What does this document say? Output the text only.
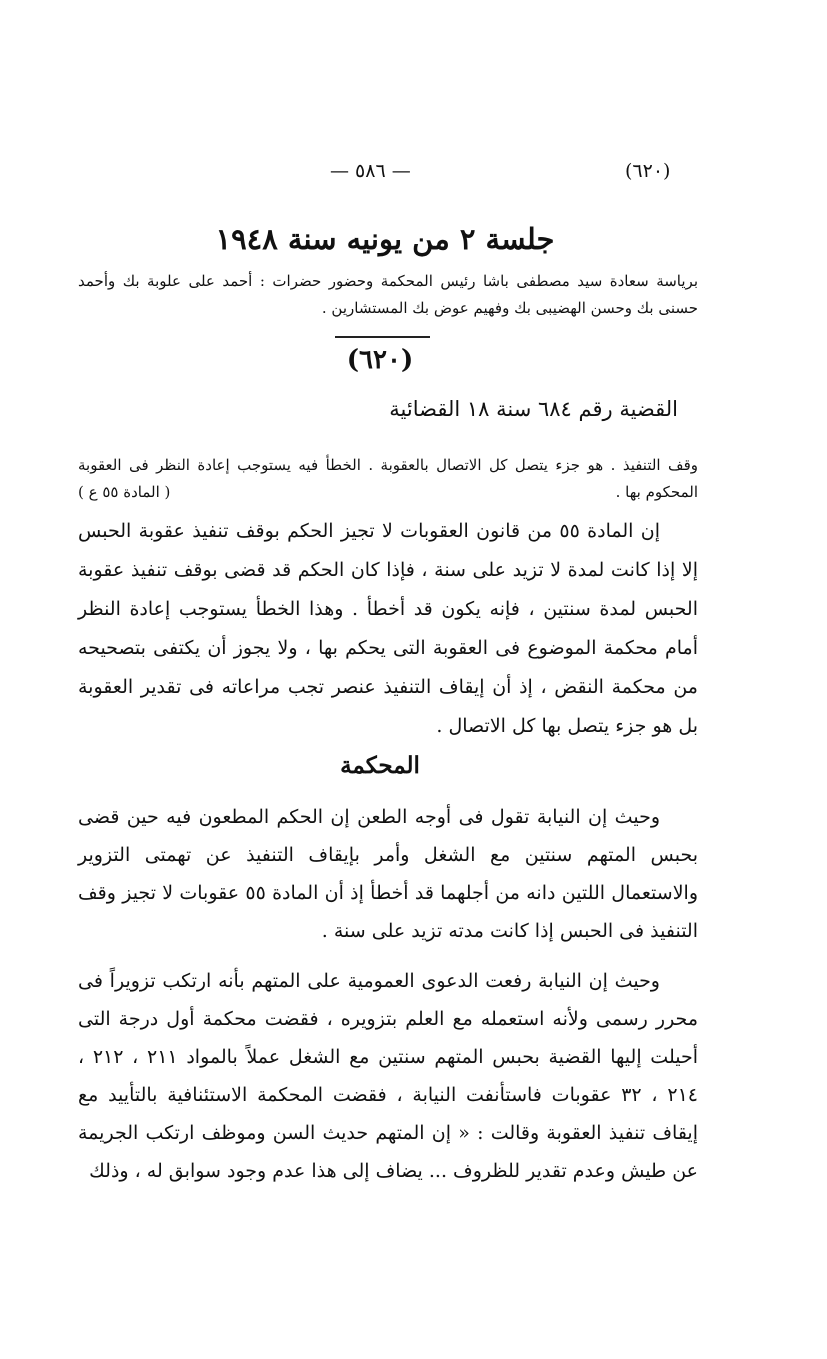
(٦٢٠)
— ٥٨٦ —
جلسة ٢ من يونيه سنة ١٩٤٨
برياسة سعادة سيد مصطفى باشا رئيس المحكمة وحضور حضرات : أحمد على علوبة بك وأحمد حسنى بك وحسن الهضيبى بك وفهيم عوض بك المستشارين .
(٦٢٠)
القضية رقم ٦٨٤ سنة ١٨ القضائية
وقف التنفيذ . هو جزء يتصل كل الاتصال بالعقوبة . الخطأ فيه يستوجب إعادة النظر فى العقوبة المحكوم بها .
( المادة ٥٥ ع )

إن المادة ٥٥ من قانون العقوبات لا تجيز الحكم بوقف تنفيذ عقوبة الحبس إلا إذا كانت لمدة لا تزيد على سنة ، فإذا كان الحكم قد قضى بوقف تنفيذ عقوبة الحبس لمدة سنتين ، فإنه يكون قد أخطأ . وهذا الخطأ يستوجب إعادة النظر أمام محكمة الموضوع فى العقوبة التى يحكم بها ، ولا يجوز أن يكتفى بتصحيحه من محكمة النقض ، إذ أن إيقاف التنفيذ عنصر تجب مراعاته فى تقدير العقوبة بل هو جزء يتصل بها كل الاتصال .

المحكمة

وحيث إن النيابة تقول فى أوجه الطعن إن الحكم المطعون فيه حين قضى بحبس المتهم سنتين مع الشغل وأمر بإيقاف التنفيذ عن تهمتى التزوير والاستعمال اللتين دانه من أجلهما قد أخطأ إذ أن المادة ٥٥ عقوبات لا تجيز وقف التنفيذ فى الحبس إذا كانت مدته تزيد على سنة .

وحيث إن النيابة رفعت الدعوى العمومية على المتهم بأنه ارتكب تزويراً فى محرر رسمى ولأنه استعمله مع العلم بتزويره ، فقضت محكمة أول درجة التى أحيلت إليها القضية بحبس المتهم سنتين مع الشغل عملاً بالمواد ٢١١ ، ٢١٢ ، ٢١٤ ، ٣٢ عقوبات فاستأنفت النيابة ، فقضت المحكمة الاستئنافية بالتأييد مع إيقاف تنفيذ العقوبة وقالت : « إن المتهم حديث السن وموظف ارتكب الجريمة عن طيش وعدم تقدير للظروف ... يضاف إلى هذا عدم وجود سوابق له ، وذلك
